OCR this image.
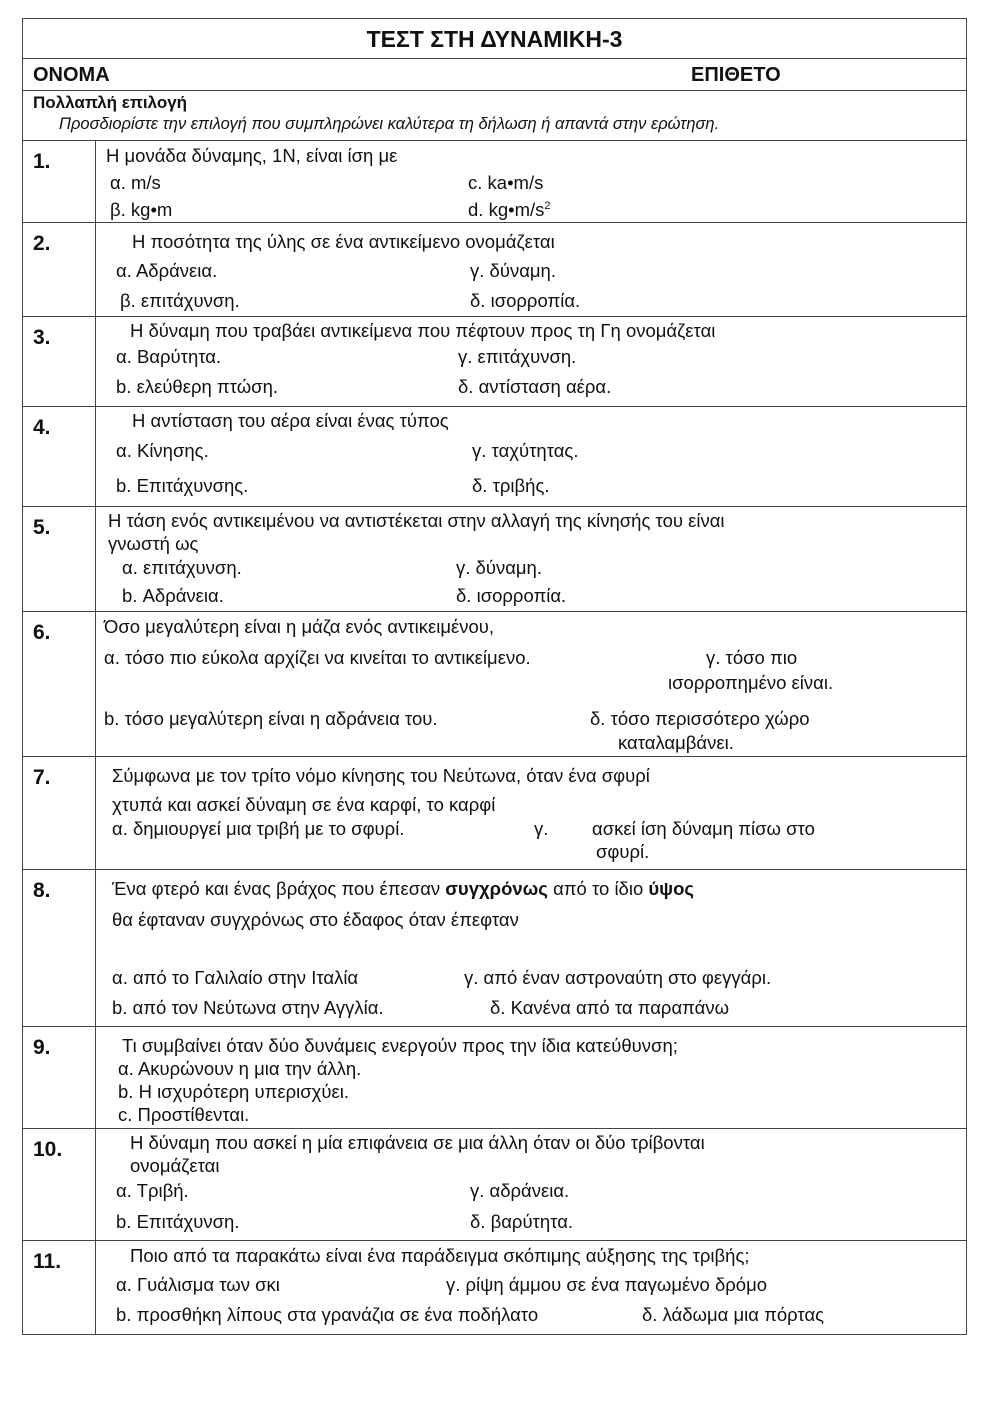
ΤΕΣΤ ΣΤΗ ΔΥΝΑΜΙΚΗ-3
ΟΝΟΜΑ	ΕΠΙΘΕΤΟ
Πολλαπλή επιλογή
Προσδιορίστε την επιλογή που συμπληρώνει καλύτερα τη δήλωση ή απαντά στην ερώτηση.
1.	Η μονάδα δύναμης, 1N, είναι ίση με
α. m/s	c. ka•m/s
β. kg•m	d. $kg•m/s^2$
2.	Η ποσότητα της ύλης σε ένα αντικείμενο ονομάζεται
α. Αδράνεια.	γ. δύναμη.
β. επιτάχυνση.	δ. ισορροπία.
3.	Η δύναμη που τραβάει αντικείμενα που πέφτουν προς τη Γη ονομάζεται
α. Βαρύτητα.	γ. επιτάχυνση.
b. ελεύθερη πτώση.	δ. αντίσταση αέρα.
4.	Η αντίσταση του αέρα είναι ένας τύπος
α. Κίνησης.	γ. ταχύτητας.
b. Επιτάχυνσης.	δ. τριβής.
5.	Η τάση ενός αντικειμένου να αντιστέκεται στην αλλαγή της κίνησής του είναι
γνωστή ως
α. επιτάχυνση.	γ. δύναμη.
b. Αδράνεια.	δ. ισορροπία.
6.	Όσο μεγαλύτερη είναι η μάζα ενός αντικειμένου,
α. τόσο πιο εύκολα αρχίζει να κινείται το αντικείμενο.	γ. τόσο πιο
ισορροπημένο είναι.
b. τόσο μεγαλύτερη είναι η αδράνεια του.	δ. τόσο περισσότερο χώρο
καταλαμβάνει.
7.	Σύμφωνα με τον τρίτο νόμο κίνησης του Νεύτωνα, όταν ένα σφυρί
χτυπά και ασκεί δύναμη σε ένα καρφί, το καρφί
α. δημιουργεί μια τριβή με το σφυρί.	γ. ασκεί ίση δύναμη πίσω στο
σφυρί.
8.	Ένα φτερό και ένας βράχος που έπεσαν συγχρόνως από το ίδιο ύψος
θα έφταναν συγχρόνως στο έδαφος όταν έπεφταν
α. από το Γαλιλαίο στην Ιταλία	γ. από έναν αστροναύτη στο φεγγάρι.
b. από τον Νεύτωνα στην Αγγλία.	δ. Κανένα από τα παραπάνω
9.	Τι συμβαίνει όταν δύο δυνάμεις ενεργούν προς την ίδια κατεύθυνση;
α. Ακυρώνουν η μια την άλλη.
b. Η ισχυρότερη υπερισχύει.
c. Προστίθενται.
10.	Η δύναμη που ασκεί η μία επιφάνεια σε μια άλλη όταν οι δύο τρίβονται
ονομάζεται
α. Τριβή.	γ. αδράνεια.
b. Επιτάχυνση.	δ. βαρύτητα.
11.	Ποιο από τα παρακάτω είναι ένα παράδειγμα σκόπιμης αύξησης της τριβής;
α. Γυάλισμα των σκι	γ. ρίψη άμμου σε ένα παγωμένο δρόμο
b. προσθήκη λίπους στα γρανάζια σε ένα ποδήλατο	δ. λάδωμα μια πόρτας
